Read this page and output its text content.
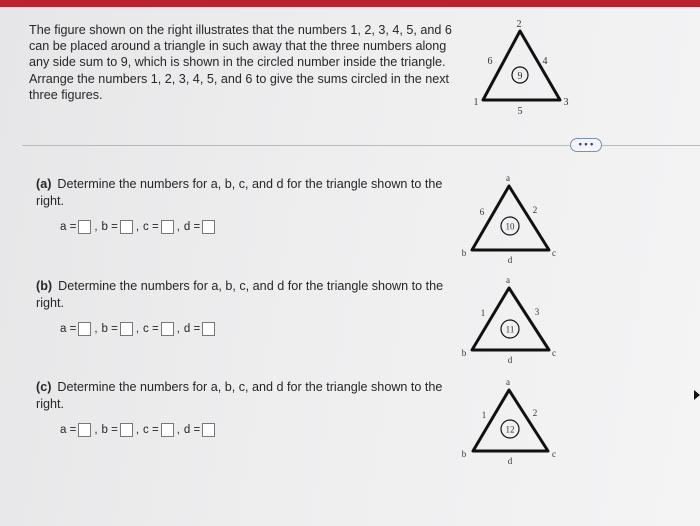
The figure shown on the right illustrates that the numbers 1, 2, 3, 4, 5, and 6 can be placed around a triangle in such away that the three numbers along any side sum to 9, which is shown in the circled number inside the triangle. Arrange the numbers 1, 2, 3, 4, 5, and 6 to give the sums circled in the next three figures.
2
6	4
1
5
3
9
• • •
(a) Determine the numbers for a, b, c, and d for the triangle shown to the right.
a = , b = , c = , d =
a
6	2
b
d
c
10
(b) Determine the numbers for a, b, c, and d for the triangle shown to the right.
a = , b = , c = , d =
a
1	3
b
d
c
11
(c) Determine the numbers for a, b, c, and d for the triangle shown to the right.
a = , b = , c = , d =
a
1	2
b
d
c
12
